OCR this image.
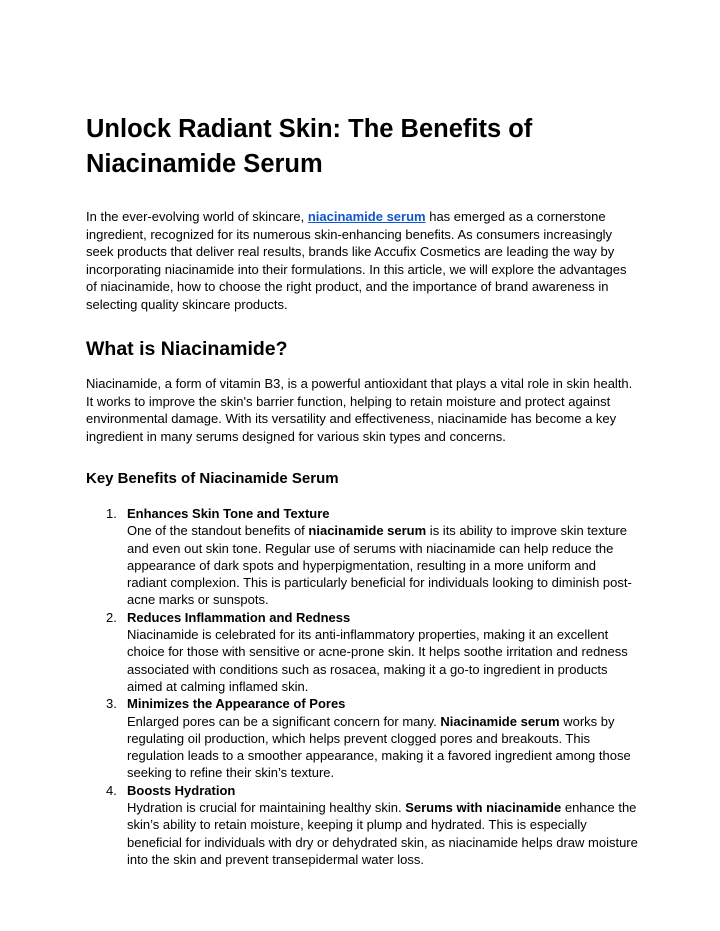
Unlock Radiant Skin: The Benefits of Niacinamide Serum

In the ever-evolving world of skincare, niacinamide serum has emerged as a cornerstone ingredient, recognized for its numerous skin-enhancing benefits. As consumers increasingly seek products that deliver real results, brands like Accufix Cosmetics are leading the way by incorporating niacinamide into their formulations. In this article, we will explore the advantages of niacinamide, how to choose the right product, and the importance of brand awareness in selecting quality skincare products.

What is Niacinamide?

Niacinamide, a form of vitamin B3, is a powerful antioxidant that plays a vital role in skin health. It works to improve the skin's barrier function, helping to retain moisture and protect against environmental damage. With its versatility and effectiveness, niacinamide has become a key ingredient in many serums designed for various skin types and concerns.

Key Benefits of Niacinamide Serum
1. Enhances Skin Tone and Texture
One of the standout benefits of niacinamide serum is its ability to improve skin texture and even out skin tone. Regular use of serums with niacinamide can help reduce the appearance of dark spots and hyperpigmentation, resulting in a more uniform and radiant complexion. This is particularly beneficial for individuals looking to diminish post-acne marks or sunspots.
2. Reduces Inflammation and Redness
Niacinamide is celebrated for its anti-inflammatory properties, making it an excellent choice for those with sensitive or acne-prone skin. It helps soothe irritation and redness associated with conditions such as rosacea, making it a go-to ingredient in products aimed at calming inflamed skin.
3. Minimizes the Appearance of Pores
Enlarged pores can be a significant concern for many. Niacinamide serum works by regulating oil production, which helps prevent clogged pores and breakouts. This regulation leads to a smoother appearance, making it a favored ingredient among those seeking to refine their skin’s texture.
4. Boosts Hydration
Hydration is crucial for maintaining healthy skin. Serums with niacinamide enhance the skin’s ability to retain moisture, keeping it plump and hydrated. This is especially beneficial for individuals with dry or dehydrated skin, as niacinamide helps draw moisture into the skin and prevent transepidermal water loss.
